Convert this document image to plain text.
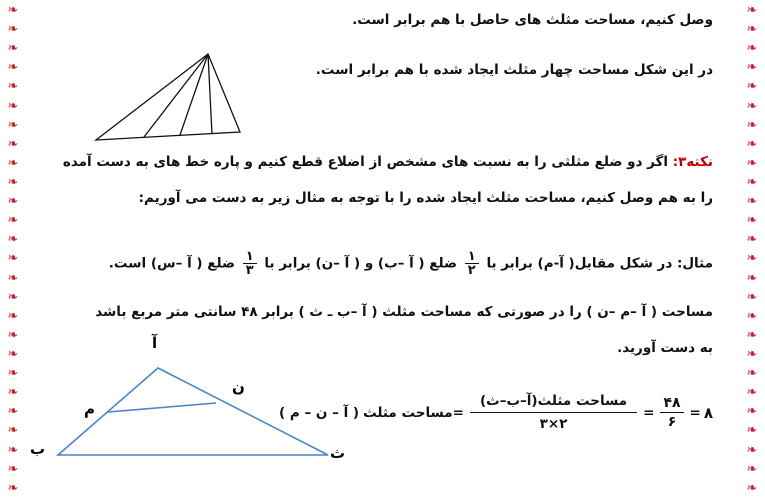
❧
❧
❧
❧
❧
❧
❧
❧
❧
❧
❧
❧
❧
❧
❧
❧
❧
❧
❧
❧
❧
❧
❧
❧
❧
❧
❧
❧
❧
❧
❧
❧
❧
❧
❧
❧
❧
❧
❧
❧
❧
❧
❧
❧
❧
❧
❧
❧
❧
❧
❧
❧
وصل کنیم، مساحت مثلث های حاصل با هم برابر است.
در این شکل مساحت چهار مثلث ایجاد شده با هم برابر است.
نکته۳: اگر دو ضلع مثلثی را به نسبت های مشخص از اضلاع قطع کنیم و پاره خط های به دست آمده
را به هم وصل کنیم، مساحت مثلث ایجاد شده را با توجه به مثال زیر به دست می آوریم:
مثال: در شکل مقابل( آ-م) برابر با
$\frac{۱}{۲}$
ضلع ( آ –ب) و ( آ –ن) برابر با
$\frac{۱}{۳}$
ضلع ( آ –س) است.
مساحت ( آ –م –ن ) را در صورتی که مساحت مثلث ( آ –ب ـ ث ) برابر ۴۸ سانتی متر مربع باشد
به دست آورید.
آ
م
ن
ب	ث
۸
=
$\frac{۴۸}{۶}$
=
$\frac{\text{مساحت مثلث(آ–ب–ث)}}{۲\times ۳}$
=مساحت مثلث
( آ – ن – م )
